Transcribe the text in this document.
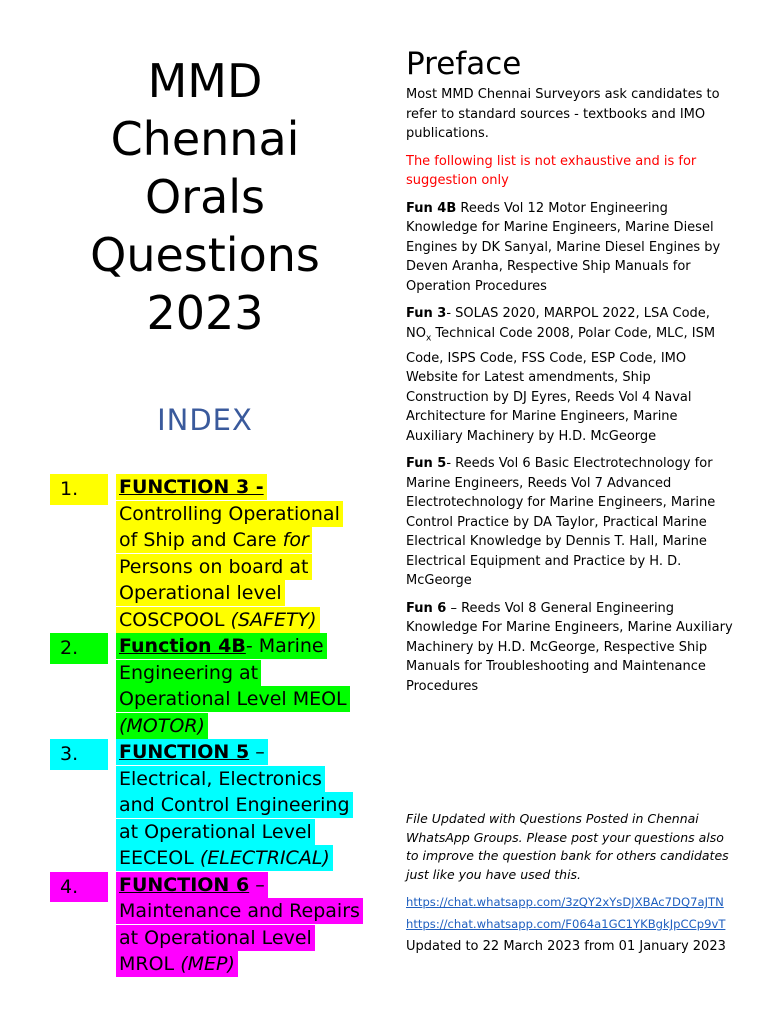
MMD
Chennai
Orals
Questions
2023
INDEX
1.	FUNCTION 3 -Controlling Operational of Ship and Care for Persons on board at Operational level COSCPOOL (SAFETY)
2.	Function 4B- Marine Engineering at Operational Level MEOL (MOTOR)
3.	FUNCTION 5 – Electrical, Electronics and Control Engineering at Operational Level EECEOL (ELECTRICAL)
4.	FUNCTION 6 – Maintenance and Repairs at Operational Level MROL (MEP)
Preface

Most MMD Chennai Surveyors ask candidates to refer to standard sources - textbooks and IMO publications.

The following list is not exhaustive and is for suggestion only

Fun 4B Reeds Vol 12 Motor Engineering Knowledge for Marine Engineers, Marine Diesel Engines by DK Sanyal, Marine Diesel Engines by Deven Aranha, Respective Ship Manuals for Operation Procedures

Fun 3- SOLAS 2020, MARPOL 2022, LSA Code, $NO_x$ Technical Code 2008, Polar Code, MLC, ISM Code, ISPS Code, FSS Code, ESP Code, IMO Website for Latest amendments, Ship Construction by DJ Eyres, Reeds Vol 4 Naval Architecture for Marine Engineers, Marine Auxiliary Machinery by H.D. McGeorge

Fun 5- Reeds Vol 6 Basic Electrotechnology for Marine Engineers, Reeds Vol 7 Advanced Electrotechnology for Marine Engineers, Marine Control Practice by DA Taylor, Practical Marine Electrical Knowledge by Dennis T. Hall, Marine Electrical Equipment and Practice by H. D. McGeorge

Fun 6 – Reeds Vol 8 General Engineering Knowledge For Marine Engineers, Marine Auxiliary Machinery by H.D. McGeorge, Respective Ship Manuals for Troubleshooting and Maintenance Procedures

File Updated with Questions Posted in Chennai WhatsApp Groups. Please post your questions also to improve the question bank for others candidates just like you have used this.

https://chat.whatsapp.com/3zQY2xYsDJXBAc7DQ7aJTN
https://chat.whatsapp.com/F064a1GC1YKBgkJpCCp9vT

Updated to 22 March 2023 from 01 January 2023
